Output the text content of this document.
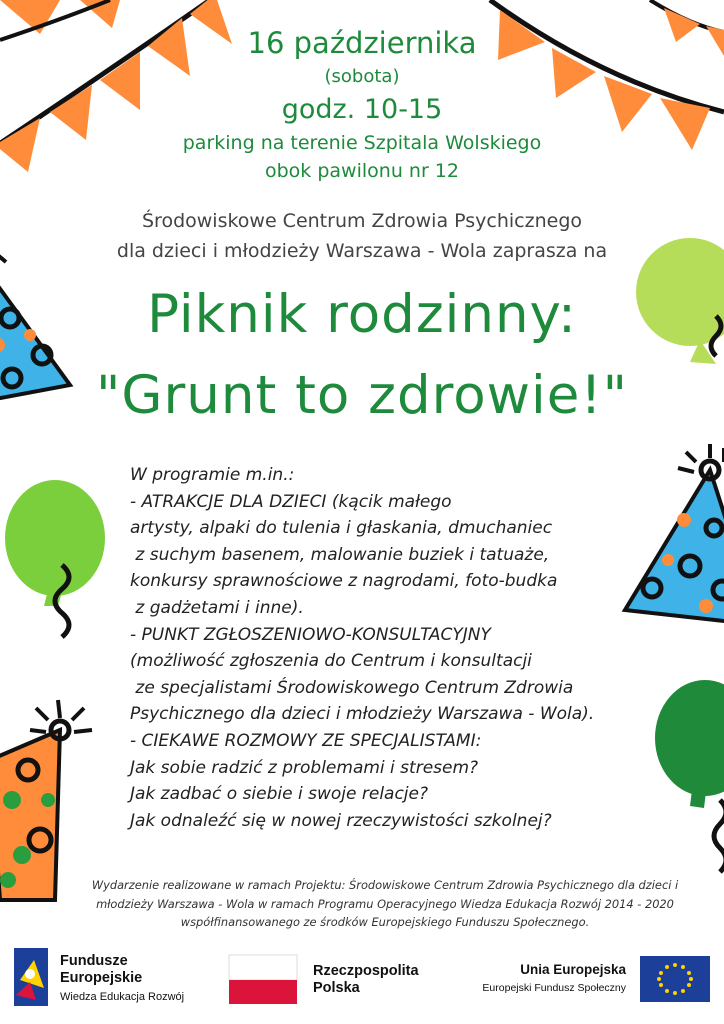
16 października
(sobota)
godz. 10-15
parking na terenie Szpitala Wolskiego
obok pawilonu nr 12
Środowiskowe Centrum Zdrowia Psychicznego
dla dzieci i młodzieży Warszawa - Wola zaprasza na
Piknik rodzinny:
"Grunt to zdrowie!"
W programie m.in.:
- ATRAKCJE DLA DZIECI (kącik małego
artysty, alpaki do tulenia i głaskania, dmuchaniec
z suchym basenem, malowanie buziek i tatuaże,
konkursy sprawnościowe z nagrodami, foto-budka
z gadżetami i inne).
- PUNKT ZGŁOSZENIOWO-KONSULTACYJNY
(możliwość zgłoszenia do Centrum i konsultacji
ze specjalistami Środowiskowego Centrum Zdrowia
Psychicznego dla dzieci i młodzieży Warszawa - Wola).
- CIEKAWE ROZMOWY ZE SPECJALISTAMI:
Jak sobie radzić z problemami i stresem?
Jak zadbać o siebie i swoje relacje?
Jak odnaleźć się w nowej rzeczywistości szkolnej?
Wydarzenie realizowane w ramach Projektu: Środowiskowe Centrum Zdrowia Psychicznego dla dzieci i
młodzieży Warszawa - Wola w ramach Programu Operacyjnego Wiedza Edukacja Rozwój 2014 - 2020
współfinansowanego ze środków Europejskiego Funduszu Społecznego.
Fundusze
Europejskie
Wiedza Edukacja Rozwój
Rzeczpospolita
Polska
Unia Europejska
Europejski Fundusz Społeczny
